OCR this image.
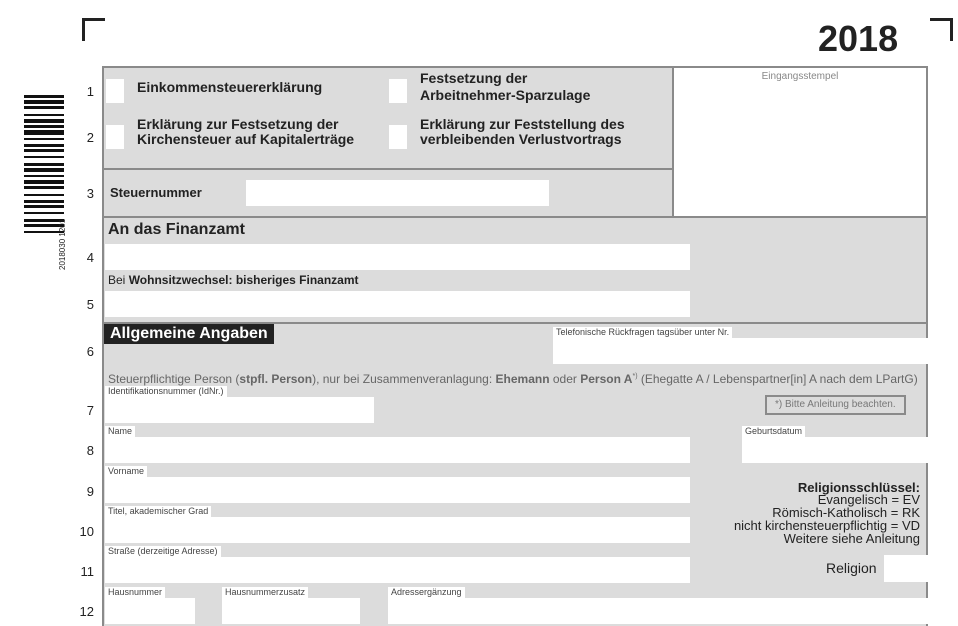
2018
2018030 1201
Eingangsstempel
1
2
3
4
5
6
7
8
9
10
11
12
Einkommensteuererklärung
Festsetzung der
Arbeitnehmer-Sparzulage
Erklärung zur Festsetzung der
Kirchensteuer auf Kapitalerträge
Erklärung zur Feststellung des
verbleibenden Verlustvortrags
Steuernummer
An das Finanzamt
Bei Wohnsitzwechsel: bisheriges Finanzamt
Allgemeine Angaben	Telefonische Rückfragen tagsüber unter Nr.
Steuerpflichtige Person (stpfl. Person), nur bei Zusammenveranlagung: Ehemann oder Person A*) (Ehegatte A / Lebenspartner[in] A nach dem LPartG)
Identifikationsnummer (IdNr.)
*) Bitte Anleitung beachten.
Name	Geburtsdatum
Vorname
Titel, akademischer Grad
Straße (derzeitige Adresse)
Hausnummer	Hausnummerzusatz	Adressergänzung
Religionsschlüssel:
Evangelisch = EV
Römisch-Katholisch = RK
nicht kirchensteuerpflichtig = VD
Weitere siehe Anleitung
Religion
